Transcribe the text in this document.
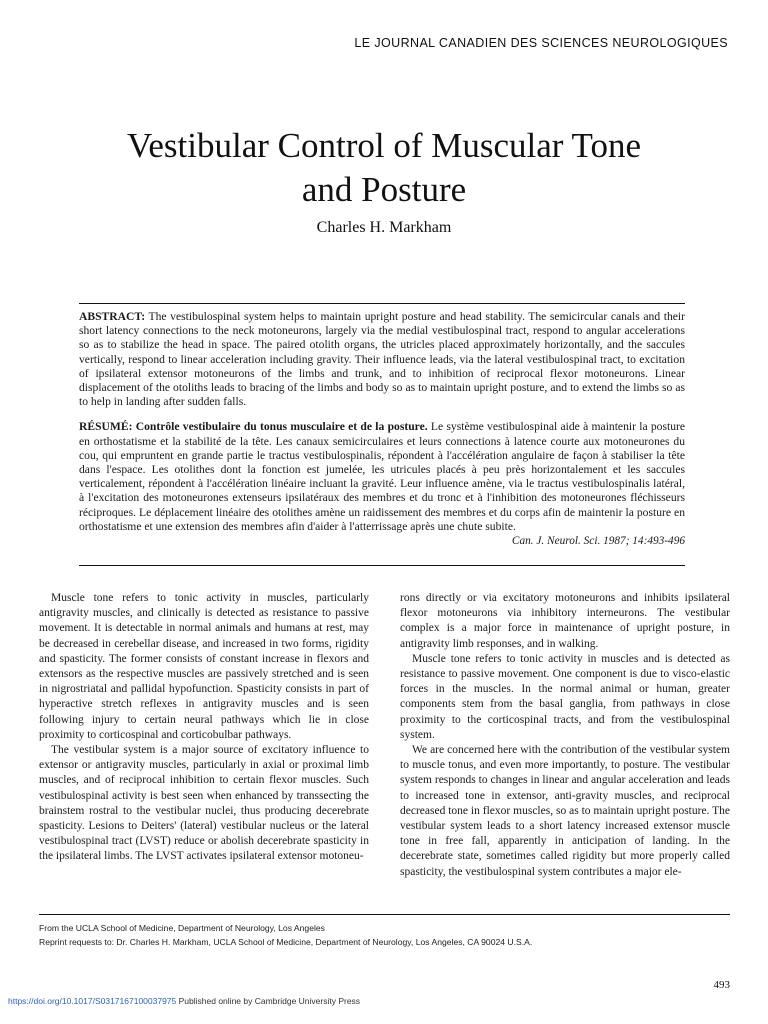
LE JOURNAL CANADIEN DES SCIENCES NEUROLOGIQUES
Vestibular Control of Muscular Tone
and Posture
Charles H. Markham

ABSTRACT: The vestibulospinal system helps to maintain upright posture and head stability. The semicircular canals and their short latency connections to the neck motoneurons, largely via the medial vestibulospinal tract, respond to angular accelerations so as to stabilize the head in space. The paired otolith organs, the utricles placed approximately horizontally, and the saccules vertically, respond to linear acceleration including gravity. Their influence leads, via the lateral vestibulospinal tract, to excitation of ipsilateral extensor motoneurons of the limbs and trunk, and to inhibition of reciprocal flexor motoneurons. Linear displacement of the otoliths leads to bracing of the limbs and body so as to maintain upright posture, and to extend the limbs so as to help in landing after sudden falls.

RÉSUMÉ: Contrôle vestibulaire du tonus musculaire et de la posture. Le système vestibulospinal aide à maintenir la posture en orthostatisme et la stabilité de la tête. Les canaux semicirculaires et leurs connections à latence courte aux motoneurones du cou, qui empruntent en grande partie le tractus vestibulospinalis, répondent à l'accélération angulaire de façon à stabiliser la tête dans l'espace. Les otolithes dont la fonction est jumelée, les utricules placés à peu près horizontalement et les saccules verticalement, répondent à l'accélération linéaire incluant la gravité. Leur influence amène, via le tractus vestibulospinalis latéral, à l'excitation des motoneurones extenseurs ipsilatéraux des membres et du tronc et à l'inhibition des motoneurones fléchisseurs réciproques. Le déplacement linéaire des otolithes amène un raidissement des membres et du corps afin de maintenir la posture en orthostatisme et une extension des membres afin d'aider à l'atterrissage après une chute subite.

Can. J. Neurol. Sci. 1987; 14:493-496

Muscle tone refers to tonic activity in muscles, particularly antigravity muscles, and clinically is detected as resistance to passive movement. It is detectable in normal animals and humans at rest, may be decreased in cerebellar disease, and increased in two forms, rigidity and spasticity. The former consists of constant increase in flexors and extensors as the respective muscles are passively stretched and is seen in nigrostriatal and pallidal hypofunction. Spasticity consists in part of hyperactive stretch reflexes in antigravity muscles and is seen following injury to certain neural pathways which lie in close proximity to corticospinal and corticobulbar pathways.

The vestibular system is a major source of excitatory influence to extensor or antigravity muscles, particularly in axial or proximal limb muscles, and of reciprocal inhibition to certain flexor muscles. Such vestibulospinal activity is best seen when enhanced by transsecting the brainstem rostral to the vestibular nuclei, thus producing decerebrate spasticity. Lesions to Deiters' (lateral) vestibular nucleus or the lateral vestibulospinal tract (LVST) reduce or abolish decerebrate spasticity in the ipsilateral limbs. The LVST activates ipsilateral extensor motoneu-

rons directly or via excitatory motoneurons and inhibits ipsilateral flexor motoneurons via inhibitory interneurons. The vestibular complex is a major force in maintenance of upright posture, in antigravity limb responses, and in walking.

Muscle tone refers to tonic activity in muscles and is detected as resistance to passive movement. One component is due to visco-elastic forces in the muscles. In the normal animal or human, greater components stem from the basal ganglia, from pathways in close proximity to the corticospinal tracts, and from the vestibulospinal system.

We are concerned here with the contribution of the vestibular system to muscle tonus, and even more importantly, to posture. The vestibular system responds to changes in linear and angular acceleration and leads to increased tone in extensor, anti-gravity muscles, and reciprocal decreased tone in flexor muscles, so as to maintain upright posture. The vestibular system leads to a short latency increased extensor muscle tone in free fall, apparently in anticipation of landing. In the decerebrate state, sometimes called rigidity but more properly called spasticity, the vestibulospinal system contributes a major ele-

From the UCLA School of Medicine, Department of Neurology, Los Angeles

Reprint requests to: Dr. Charles H. Markham, UCLA School of Medicine, Department of Neurology, Los Angeles, CA 90024 U.S.A.

493
https://doi.org/10.1017/S0317167100037975 Published online by Cambridge University Press
